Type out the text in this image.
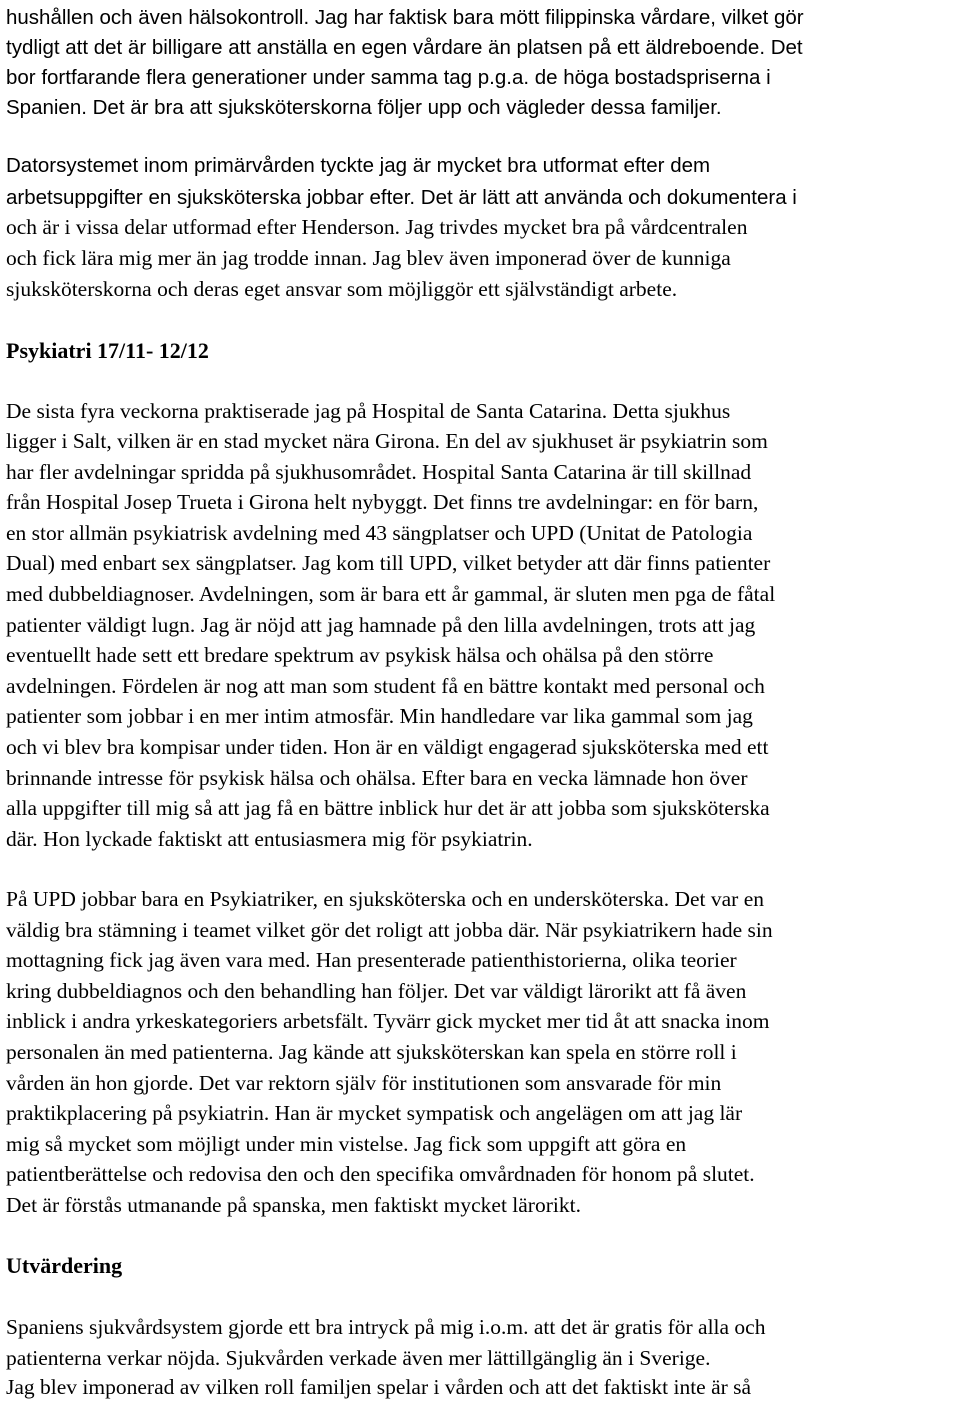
hushållen och även hälsokontroll. Jag har faktisk bara mött filippinska vårdare, vilket gör
tydligt att det är billigare att anställa en egen vårdare än platsen på ett äldreboende. Det
bor fortfarande flera generationer under samma tag p.g.a. de höga bostadspriserna i
Spanien. Det är bra att sjuksköterskorna följer upp och vägleder dessa familjer.
Datorsystemet inom primärvården tyckte jag är mycket bra utformat efter dem
arbetsuppgifter en sjuksköterska jobbar efter. Det är lätt att använda och dokumentera i
och är i vissa delar utformad efter Henderson. Jag trivdes mycket bra på vårdcentralen
och fick lära mig mer än jag trodde innan. Jag blev även imponerad över de kunniga
sjuksköterskorna och deras eget ansvar som möjliggör ett självständigt arbete.
Psykiatri 17/11- 12/12
De sista fyra veckorna praktiserade jag på Hospital de Santa Catarina. Detta sjukhus
ligger i Salt, vilken är en stad mycket nära Girona. En del av sjukhuset är psykiatrin som
har fler avdelningar spridda på sjukhusområdet. Hospital Santa Catarina är till skillnad
från Hospital Josep Trueta i Girona helt nybyggt. Det finns tre avdelningar: en för barn,
en stor allmän psykiatrisk avdelning med 43 sängplatser och UPD (Unitat de Patologia
Dual) med enbart sex sängplatser. Jag kom till UPD, vilket betyder att där finns patienter
med dubbeldiagnoser. Avdelningen, som är bara ett år gammal, är sluten men pga de fåtal
patienter väldigt lugn. Jag är nöjd att jag hamnade på den lilla avdelningen, trots att jag
eventuellt hade sett ett bredare spektrum av psykisk hälsa och ohälsa på den större
avdelningen. Fördelen är nog att man som student få en bättre kontakt med personal och
patienter som jobbar i en mer intim atmosfär. Min handledare var lika gammal som jag
och vi blev bra kompisar under tiden. Hon är en väldigt engagerad sjuksköterska med ett
brinnande intresse för psykisk hälsa och ohälsa. Efter bara en vecka lämnade hon över
alla uppgifter till mig så att jag få en bättre inblick hur det är att jobba som sjuksköterska
där. Hon lyckade faktiskt att entusiasmera mig för psykiatrin.
På UPD jobbar bara en Psykiatriker, en sjuksköterska och en undersköterska. Det var en
väldig bra stämning i teamet vilket gör det roligt att jobba där. När psykiatrikern hade sin
mottagning fick jag även vara med. Han presenterade patienthistorierna, olika teorier
kring dubbeldiagnos och den behandling han följer. Det var väldigt lärorikt att få även
inblick i andra yrkeskategoriers arbetsfält. Tyvärr gick mycket mer tid åt att snacka inom
personalen än med patienterna. Jag kände att sjuksköterskan kan spela en större roll i
vården än hon gjorde. Det var rektorn själv för institutionen som ansvarade för min
praktikplacering på psykiatrin. Han är mycket sympatisk och angelägen om att jag lär
mig så mycket som möjligt under min vistelse. Jag fick som uppgift att göra en
patientberättelse och redovisa den och den specifika omvårdnaden för honom på slutet.
Det är förstås utmanande på spanska, men faktiskt mycket lärorikt.
Utvärdering
Spaniens sjukvårdsystem gjorde ett bra intryck på mig i.o.m. att det är gratis för alla och
patienterna verkar nöjda. Sjukvården verkade även mer lättillgänglig än i Sverige.
Jag blev imponerad av vilken roll familjen spelar i vården och att det faktiskt inte är så
